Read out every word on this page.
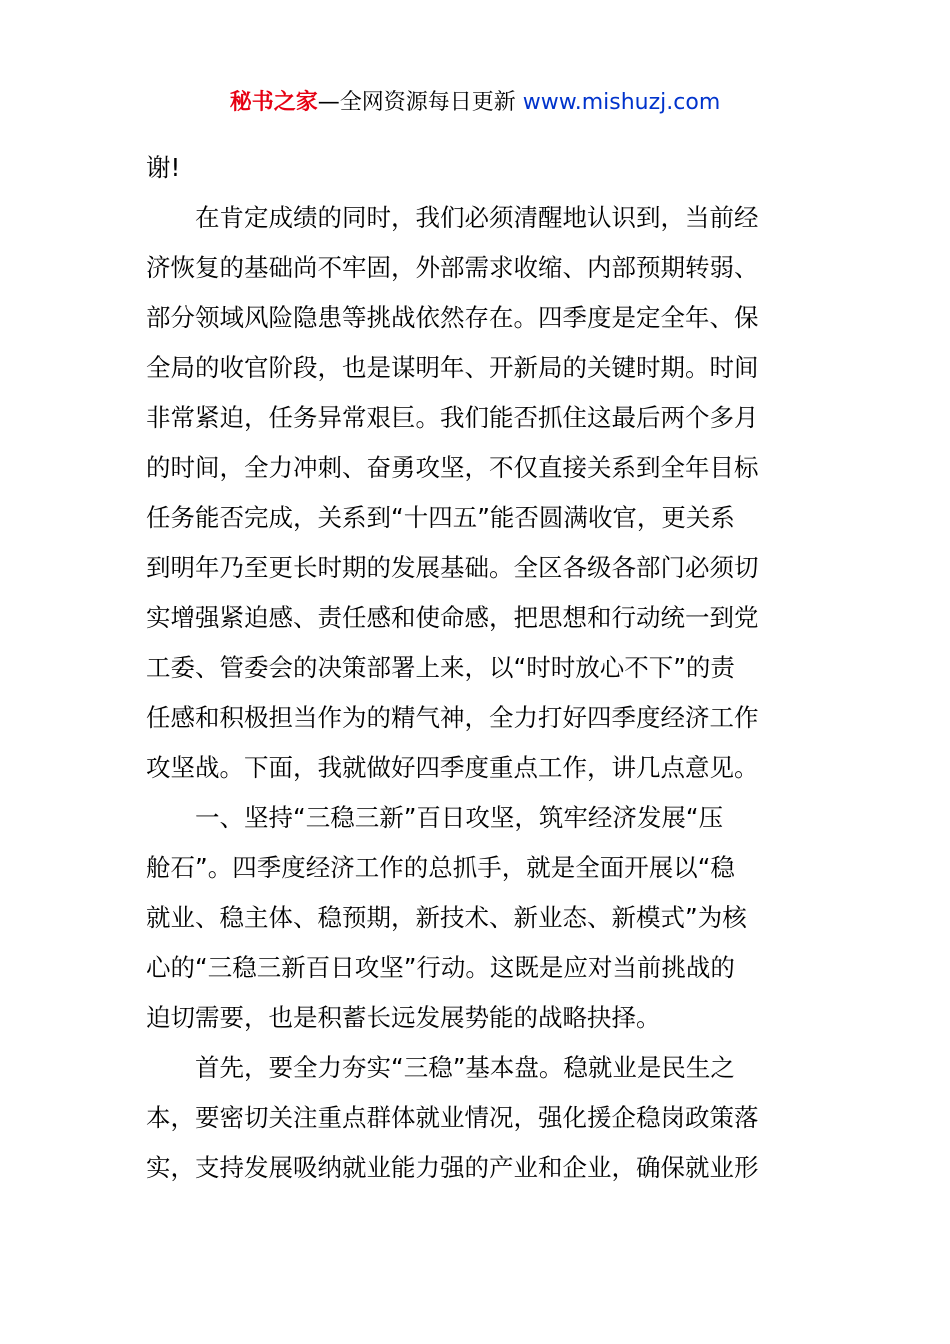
秘书之家—全网资源每日更新 www.mishuzj.com
谢!
在肯定成绩的同时，我们必须清醒地认识到，当前经
济恢复的基础尚不牢固，外部需求收缩、内部预期转弱、
部分领域风险隐患等挑战依然存在。四季度是定全年、保
全局的收官阶段，也是谋明年、开新局的关键时期。时间
非常紧迫，任务异常艰巨。我们能否抓住这最后两个多月
的时间，全力冲刺、奋勇攻坚，不仅直接关系到全年目标
任务能否完成，关系到“十四五”能否圆满收官，更关系
到明年乃至更长时期的发展基础。全区各级各部门必须切
实增强紧迫感、责任感和使命感，把思想和行动统一到党
工委、管委会的决策部署上来，以“时时放心不下”的责
任感和积极担当作为的精气神，全力打好四季度经济工作
攻坚战。下面，我就做好四季度重点工作，讲几点意见。
一、坚持“三稳三新”百日攻坚，筑牢经济发展“压
舱石”。四季度经济工作的总抓手，就是全面开展以“稳
就业、稳主体、稳预期，新技术、新业态、新模式”为核
心的“三稳三新百日攻坚”行动。这既是应对当前挑战的
迫切需要，也是积蓄长远发展势能的战略抉择。
首先，要全力夯实“三稳”基本盘。稳就业是民生之
本，要密切关注重点群体就业情况，强化援企稳岗政策落
实，支持发展吸纳就业能力强的产业和企业，确保就业形
